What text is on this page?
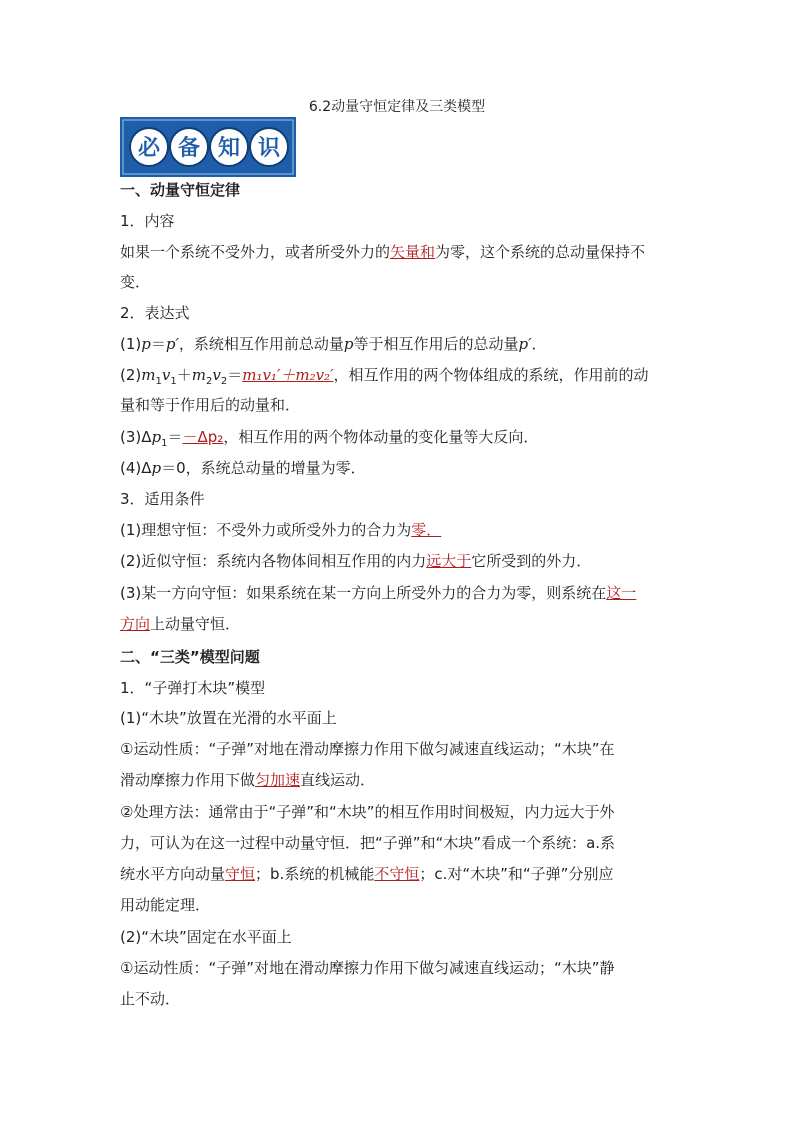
6.2动量守恒定律及三类模型
必 备 知 识
一、动量守恒定律
1．内容
如果一个系统不受外力，或者所受外力的矢量和为零，这个系统的总动量保持不
变．
2．表达式
(1)p＝p′，系统相互作用前总动量p等于相互作用后的总动量p′．
$(2)m_1v_1+m_2v_2=m_1v_1'+m_2v_2'$，相互作用的两个物体组成的系统，作用前的动
量和等于作用后的动量和．
$(3)\Delta p_1=-\Delta p_2$，相互作用的两个物体动量的变化量等大反向．
(4)Δp＝0，系统总动量的增量为零．
3．适用条件
(1)理想守恒：不受外力或所受外力的合力为零．
(2)近似守恒：系统内各物体间相互作用的内力远大于它所受到的外力．
(3)某一方向守恒：如果系统在某一方向上所受外力的合力为零，则系统在这一
方向上动量守恒．
二、“三类”模型问题
1．“子弹打木块”模型
(1)“木块”放置在光滑的水平面上
①运动性质：“子弹”对地在滑动摩擦力作用下做匀减速直线运动；“木块”在
滑动摩擦力作用下做匀加速直线运动．
②处理方法：通常由于“子弹”和“木块”的相互作用时间极短，内力远大于外
力，可认为在这一过程中动量守恒．把“子弹”和“木块”看成一个系统：a.系
统水平方向动量守恒；b.系统的机械能不守恒；c.对“木块”和“子弹”分别应
用动能定理．
(2)“木块”固定在水平面上
①运动性质：“子弹”对地在滑动摩擦力作用下做匀减速直线运动；“木块”静
止不动．
